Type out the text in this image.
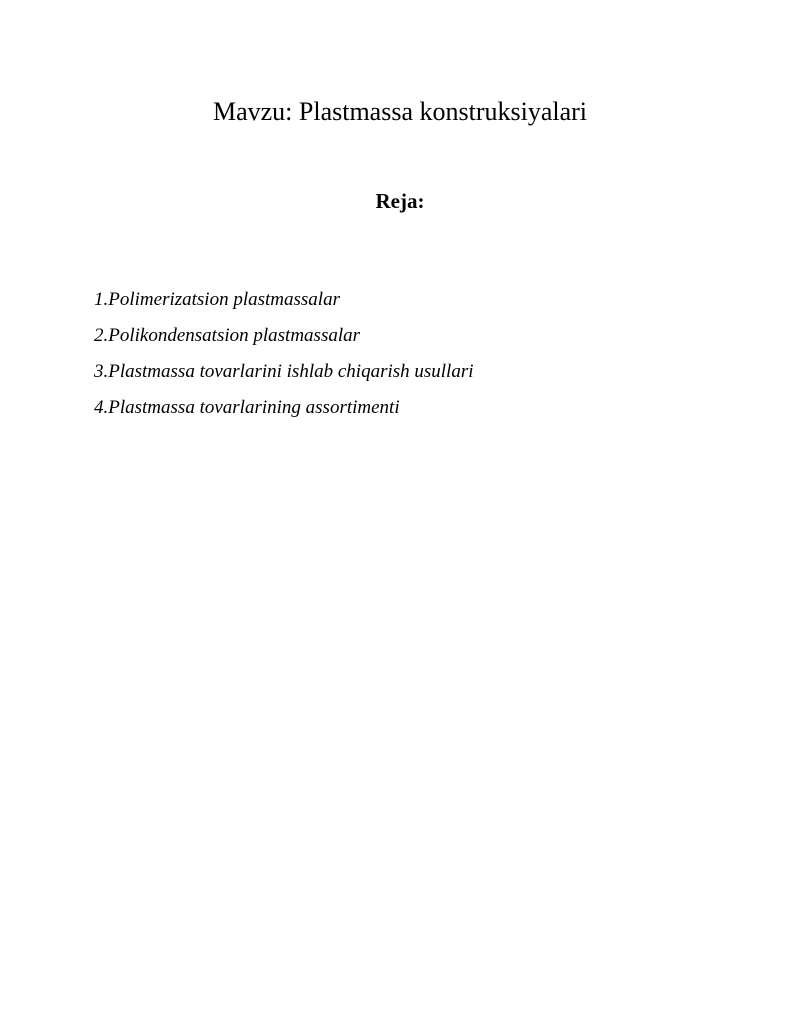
Mavzu: Plastmassa konstruksiyalari
Reja:
1.Polimerizatsion plastmassalar
2.Polikondensatsion plastmassalar
3.Plastmassa tovarlarini ishlab chiqarish usullari
4.Plastmassa tovarlarining assortimenti
